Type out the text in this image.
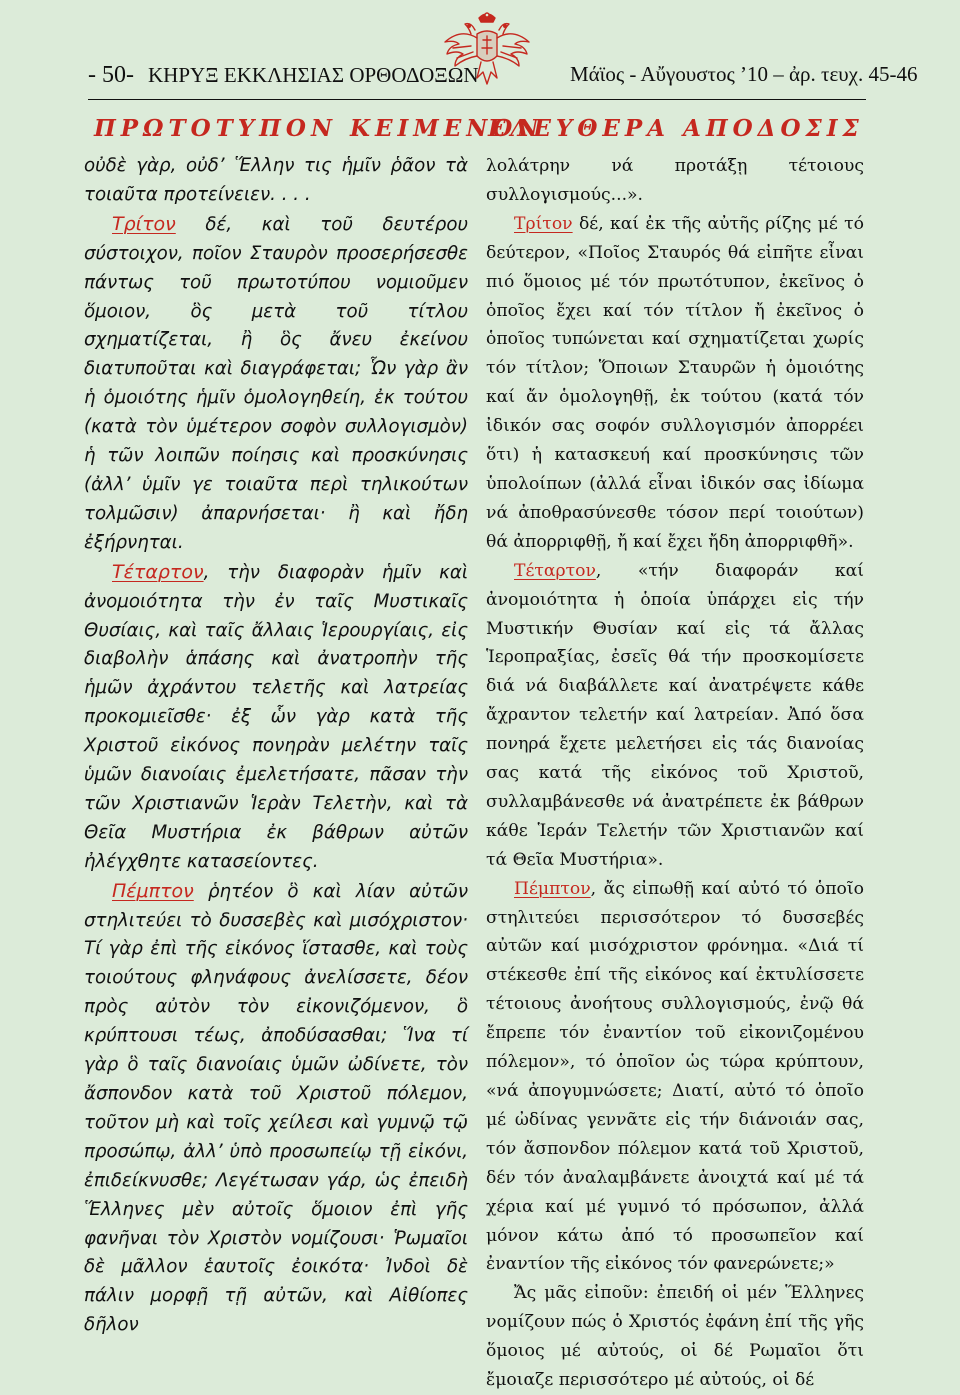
- 50- ΚΗΡΥΞ ΕΚΚΛΗΣΙΑΣ ΟΡΘΟΔΟΞΩΝ	Μάϊος - Αὔγουστος ’10 – ἀρ. τευχ. 45-46
ΠΡΩΤΟΤΥΠΟΝ ΚΕΙΜΕΝΟΝ
ΕΛΕΥΘΕΡΑ ΑΠΟΔΟΣΙΣ

οὐδὲ γὰρ, οὐδ’ Ἕλλην τις ἡμῖν ῥᾶον τὰ τοιαῦτα προτείνειεν. . . .

Τρίτον δέ, καὶ τοῦ δευτέρου σύστοιχον, ποῖον Σταυρὸν προσερήσεσθε πάντως τοῦ πρωτοτύπου νομιοῦμεν ὅμοιον, ὃς μετὰ τοῦ τίτλου σχηματίζεται, ἢ ὃς ἄνευ ἐκείνου διατυποῦται καὶ διαγράφεται; Ὧν γὰρ ἂν ἡ ὁμοιότης ἡμῖν ὁμολογηθείη, ἐκ τούτου (κατὰ τὸν ὑμέτερον σοφὸν συλλογισμὸν) ἡ τῶν λοιπῶν ποίησις καὶ προσκύνησις (ἀλλ’ ὑμῖν γε τοιαῦτα περὶ τηλικούτων τολμῶσιν) ἀπαρνήσεται· ἢ καὶ ἤδη ἐξήρνηται.

Τέταρτον, τὴν διαφορὰν ἡμῖν καὶ ἀνομοιότητα τὴν ἐν ταῖς Μυστικαῖς Θυσίαις, καὶ ταῖς ἄλλαις Ἱερουργίαις, εἰς διαβολὴν ἁπάσης καὶ ἀνατροπὴν τῆς ἡμῶν ἀχράντου τελετῆς καὶ λατρείας προκομιεῖσθε· ἐξ ὧν γὰρ κατὰ τῆς Χριστοῦ εἰκόνος πονηρὰν μελέτην ταῖς ὑμῶν διανοίαις ἐμελετήσατε, πᾶσαν τὴν τῶν Χριστιανῶν Ἱερὰν Τελετὴν, καὶ τὰ Θεῖα Μυστήρια ἐκ βάθρων αὐτῶν ἠλέγχθητε κατασείοντες.

Πέμπτον ῥητέον ὃ καὶ λίαν αὐτῶν στηλιτεύει τὸ δυσσεβὲς καὶ μισόχριστον· Τί γὰρ ἐπὶ τῆς εἰκόνος ἵστασθε, καὶ τοὺς τοιούτους φληνάφους ἀνελίσσετε, δέον πρὸς αὐτὸν τὸν εἰκονιζόμενον, ὃ κρύπτουσι τέως, ἀποδύσασθαι; Ἵνα τί γὰρ ὃ ταῖς διανοίαις ὑμῶν ὠδίνετε, τὸν ἄσπονδον κατὰ τοῦ Χριστοῦ πόλεμον, τοῦτον μὴ καὶ τοῖς χείλεσι καὶ γυμνῷ τῷ προσώπῳ, ἀλλ’ ὑπὸ προσωπείῳ τῇ εἰκόνι, ἐπιδείκνυσθε; Λεγέτωσαν γάρ, ὡς ἐπειδὴ Ἕλληνες μὲν αὐτοῖς ὅμοιον ἐπὶ γῆς φανῆναι τὸν Χριστὸν νομίζουσι· Ῥωμαῖοι δὲ μᾶλλον ἑαυτοῖς ἐοικότα· Ἰνδοὶ δὲ πάλιν μορφῇ τῇ αὐτῶν, καὶ Αἰθίοπες δῆλον

λολάτρην νά προτάξῃ τέτοιους συλλογισμούς...».

Τρίτον δέ, καί ἐκ τῆς αὐτῆς ρίζης μέ τό δεύτερον, «Ποῖος Σταυρός θά εἰπῆτε εἶναι πιό ὅμοιος μέ τόν πρωτότυπον, ἐκεῖνος ὁ ὁποῖος ἔχει καί τόν τίτλον ἤ ἐκεῖνος ὁ ὁποῖος τυπώνεται καί σχηματίζεται χωρίς τόν τίτλον; Ὅποιων Σταυρῶν ἡ ὁμοιότης καί ἄν ὁμολογηθῇ, ἐκ τούτου (κατά τόν ἰδικόν σας σοφόν συλλογισμόν ἀπορρέει ὅτι) ἡ κατασκευή καί προσκύνησις τῶν ὑπολοίπων (ἀλλά εἶναι ἰδικόν σας ἰδίωμα νά ἀποθρασύνεσθε τόσον περί τοιούτων) θά ἀπορριφθῇ, ἤ καί ἔχει ἤδη ἀπορριφθῆ».

Τέταρτον, «τήν διαφοράν καί ἀνομοιότητα ἡ ὁποία ὑπάρχει εἰς τήν Μυστικήν Θυσίαν καί εἰς τά ἄλλας Ἱεροπραξίας, ἐσεῖς θά τήν προσκομίσετε διά νά διαβάλλετε καί ἀνατρέψετε κάθε ἄχραντον τελετήν καί λατρείαν. Ἀπό ὅσα πονηρά ἔχετε μελετήσει εἰς τάς διανοίας σας κατά τῆς εἰκόνος τοῦ Χριστοῦ, συλλαμβάνεσθε νά ἀνατρέπετε ἐκ βάθρων κάθε Ἱεράν Τελετήν τῶν Χριστιανῶν καί τά Θεῖα Μυστήρια».

Πέμπτον, ἄς εἰπωθῇ καί αὐτό τό ὁποῖο στηλιτεύει περισσότερον τό δυσσεβές αὐτῶν καί μισόχριστον φρόνημα. «Διά τί στέκεσθε ἐπί τῆς εἰκόνος καί ἐκτυλίσσετε τέτοιους ἀνοήτους συλλογισμούς, ἐνῷ θά ἔπρεπε τόν ἐναντίον τοῦ εἰκονιζομένου πόλεμον», τό ὁποῖον ὡς τώρα κρύπτουν, «νά ἀπογυμνώσετε; Διατί, αὐτό τό ὁποῖο μέ ὠδίνας γεννᾶτε εἰς τήν διάνοιάν σας, τόν ἄσπονδον πόλεμον κατά τοῦ Χριστοῦ, δέν τόν ἀναλαμβάνετε ἀνοιχτά καί μέ τά χέρια καί μέ γυμνό τό πρόσωπον, ἀλλά μόνον κάτω ἀπό τό προσωπεῖον καί ἐναντίον τῆς εἰκόνος τόν φανερώνετε;»

Ἄς μᾶς εἰποῦν: ἐπειδή οἱ μέν Ἕλληνες νομίζουν πώς ὁ Χριστός ἐφάνη ἐπί τῆς γῆς ὅμοιος μέ αὐτούς, οἱ δέ Ρωμαῖοι ὅτι ἔμοιαζε περισσότερο μέ αὐτούς, οἱ δέ
